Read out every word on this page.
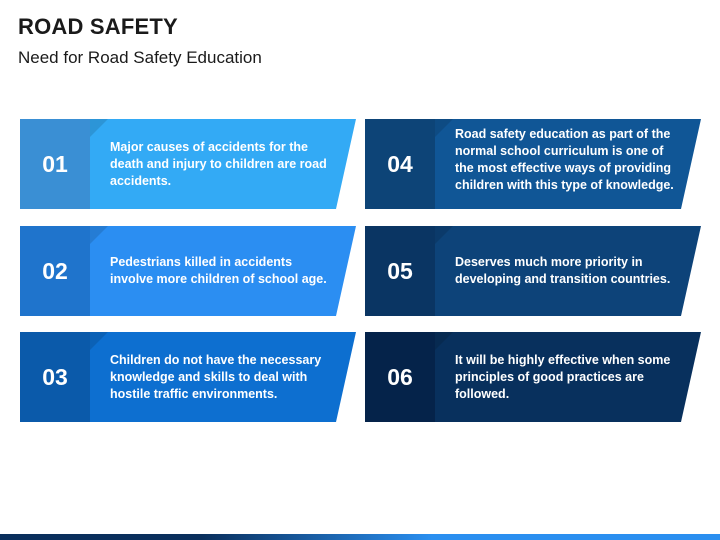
ROAD SAFETY
Need for Road Safety Education
01
Major causes of accidents for the death and injury to children are road accidents.
02	Pedestrians killed in accidents involve more children of school age.
03
Children do not have the necessary knowledge and skills to deal with hostile traffic environments.
04
Road safety education as part of the normal school curriculum is one of the most effective ways of providing children with this type of knowledge.
05	Deserves much more priority in developing and transition countries.
06
It will be highly effective when some principles of good practices are followed.
